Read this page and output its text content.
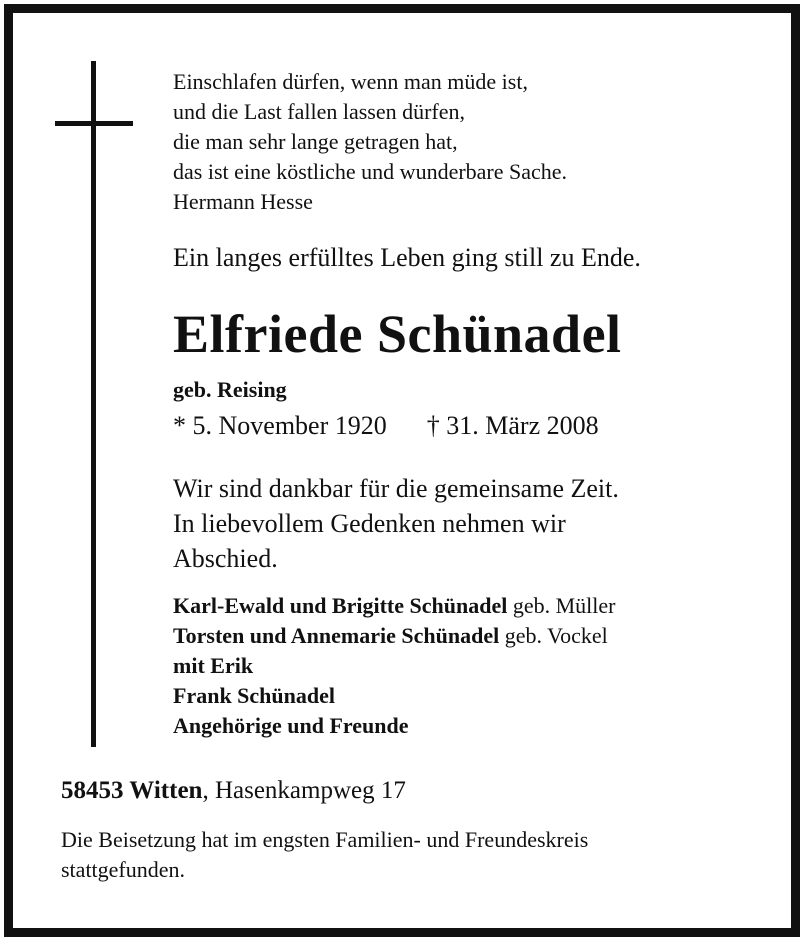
Einschlafen dürfen, wenn man müde ist,
und die Last fallen lassen dürfen,
die man sehr lange getragen hat,
das ist eine köstliche und wunderbare Sache.
Hermann Hesse
Ein langes erfülltes Leben ging still zu Ende.
Elfriede Schünadel
geb. Reising
* 5. November 1920 † 31. März 2008
Wir sind dankbar für die gemeinsame Zeit.
In liebevollem Gedenken nehmen wir
Abschied.
Karl-Ewald und Brigitte Schünadel geb. Müller
Torsten und Annemarie Schünadel geb. Vockel
mit Erik
Frank Schünadel
Angehörige und Freunde
58453 Witten, Hasenkampweg 17
Die Beisetzung hat im engsten Familien- und Freundeskreis
stattgefunden.
